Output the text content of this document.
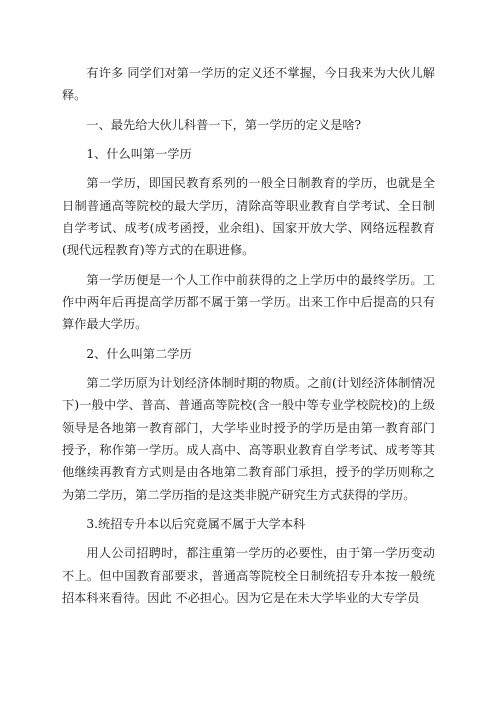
有许多 同学们对第一学历的定义还不掌握，今日我来为大伙儿解释。

一、最先给大伙儿科普一下，第一学历的定义是啥?

1、什么叫第一学历

第一学历，即国民教育系列的一般全日制教育的学历，也就是全日制普通高等院校的最大学历，清除高等职业教育自学考试、全日制自学考试、成考(成考函授，业余组)、国家开放大学、网络远程教育(现代远程教育)等方式的在职进修。

第一学历便是一个人工作中前获得的之上学历中的最终学历。工作中两年后再提高学历都不属于第一学历。出来工作中后提高的只有算作最大学历。

2、什么叫第二学历

第二学历原为计划经济体制时期的物质。之前(计划经济体制情况下)一般中学、普高、普通高等院校(含一般中等专业学校院校)的上级领导是各地第一教育部门，大学毕业时授予的学历是由第一教育部门授予，称作第一学历。成人高中、高等职业教育自学考试、成考等其他继续再教育方式则是由各地第二教育部门承担，授予的学历则称之为第二学历，第二学历指的是这类非脱产研究生方式获得的学历。

3.统招专升本以后究竟属不属于大学本科

用人公司招聘时，都注重第一学历的必要性，由于第一学历变动不上。但中国教育部要求，普通高等院校全日制统招专升本按一般统招本科来看待。因此 不必担心。因为它是在未大学毕业的大专学员
